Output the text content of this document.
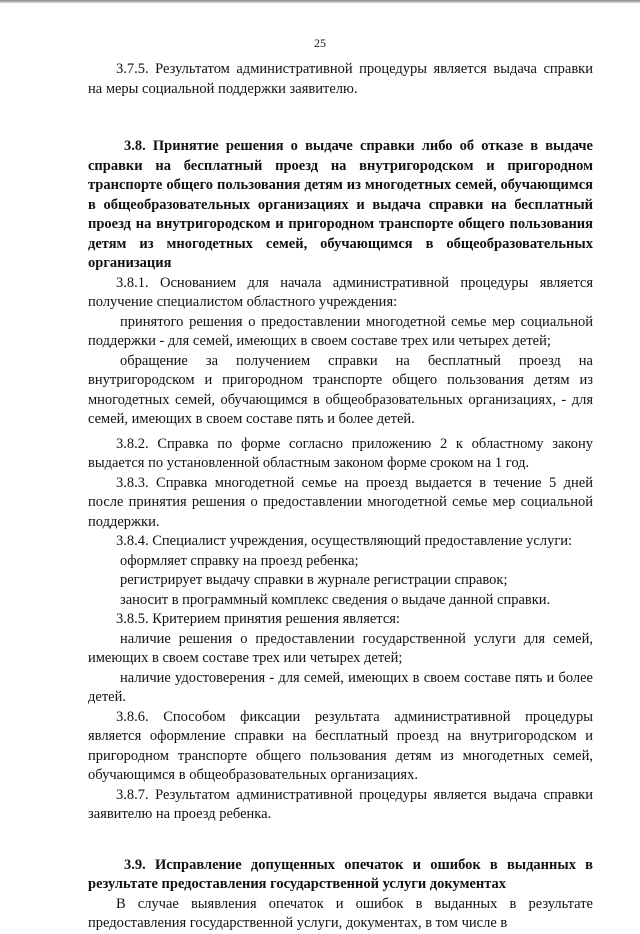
25

3.7.5. Результатом административной процедуры является выдача справки на меры социальной поддержки заявителю.

3.8. Принятие решения о выдаче справки либо об отказе в выдаче справки на бесплатный проезд на внутригородском и пригородном транспорте общего пользования детям из многодетных семей, обучающимся в общеобразовательных организациях и выдача справки на бесплатный проезд на внутригородском и пригородном транспорте общего пользования детям из многодетных семей, обучающимся в общеобразовательных организация

3.8.1. Основанием для начала административной процедуры является получение специалистом областного учреждения:

принятого решения о предоставлении многодетной семье мер социальной поддержки - для семей, имеющих в своем составе трех или четырех детей;

обращение за получением справки на бесплатный проезд на внутригородском и пригородном транспорте общего пользования детям из многодетных семей, обучающимся в общеобразовательных организациях, - для семей, имеющих в своем составе пять и более детей.

3.8.2. Справка по форме согласно приложению 2 к областному закону выдается по установленной областным законом форме сроком на 1 год.

3.8.3. Справка многодетной семье на проезд выдается в течение 5 дней после принятия решения о предоставлении многодетной семье мер социальной поддержки.

3.8.4. Специалист учреждения, осуществляющий предоставление услуги:

оформляет справку на проезд ребенка;

регистрирует выдачу справки в журнале регистрации справок;

заносит в программный комплекс сведения о выдаче данной справки.

3.8.5. Критерием принятия решения является:

наличие решения о предоставлении государственной услуги для семей, имеющих в своем составе трех или четырех детей;

наличие удостоверения - для семей, имеющих в своем составе пять и более детей.

3.8.6. Способом фиксации результата административной процедуры является оформление справки на бесплатный проезд на внутригородском и пригородном транспорте общего пользования детям из многодетных семей, обучающимся в общеобразовательных организациях.

3.8.7. Результатом административной процедуры является выдача справки заявителю на проезд ребенка.

3.9. Исправление допущенных опечаток и ошибок в выданных в результате предоставления государственной услуги документах

В случае выявления опечаток и ошибок в выданных в результате предоставления государственной услуги, документах, в том числе в
